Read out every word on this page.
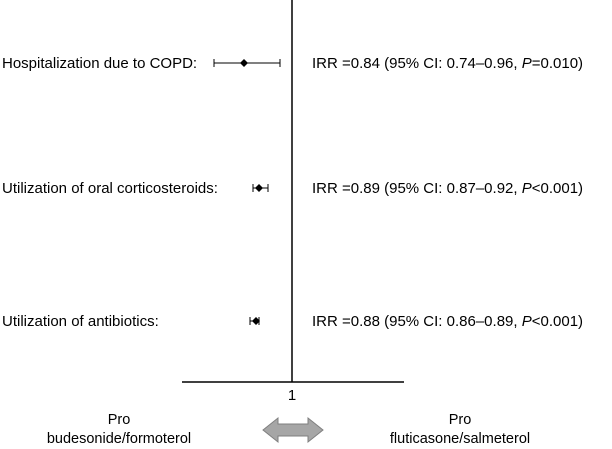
1
Hospitalization due to COPD:	IRR =0.84 (95% CI: 0.74–0.96, P=0.010)
Utilization of oral corticosteroids:	IRR =0.89 (95% CI: 0.87–0.92, P<0.001)
Utilization of antibiotics:	IRR =0.88 (95% CI: 0.86–0.89, P<0.001)
Pro
budesonide/formoterol
Pro
fluticasone/salmeterol
